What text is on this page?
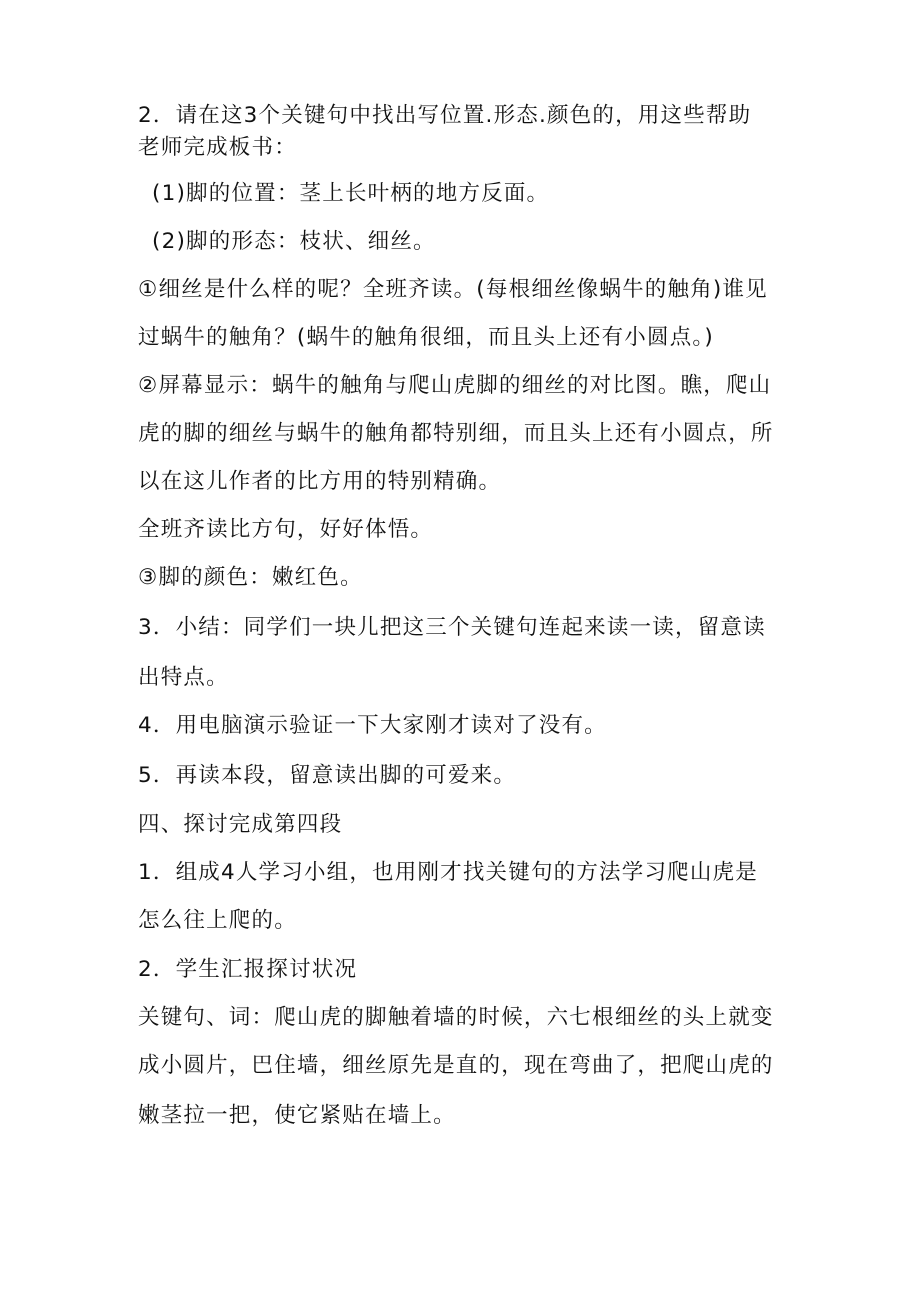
2．请在这3个关键句中找出写位置.形态.颜色的，用这些帮助
老师完成板书：
(1)脚的位置：茎上长叶柄的地方反面。
(2)脚的形态：枝状、细丝。
①细丝是什么样的呢？全班齐读。(每根细丝像蜗牛的触角)谁见
过蜗牛的触角？(蜗牛的触角很细，而且头上还有小圆点。)
②屏幕显示：蜗牛的触角与爬山虎脚的细丝的对比图。瞧，爬山
虎的脚的细丝与蜗牛的触角都特别细，而且头上还有小圆点，所
以在这儿作者的比方用的特别精确。
全班齐读比方句，好好体悟。
③脚的颜色：嫩红色。
3．小结：同学们一块儿把这三个关键句连起来读一读，留意读
出特点。
4．用电脑演示验证一下大家刚才读对了没有。
5．再读本段，留意读出脚的可爱来。
四、探讨完成第四段
1．组成4人学习小组，也用刚才找关键句的方法学习爬山虎是
怎么往上爬的。
2．学生汇报探讨状况
关键句、词：爬山虎的脚触着墙的时候，六七根细丝的头上就变
成小圆片，巴住墙，细丝原先是直的，现在弯曲了，把爬山虎的
嫩茎拉一把，使它紧贴在墙上。
